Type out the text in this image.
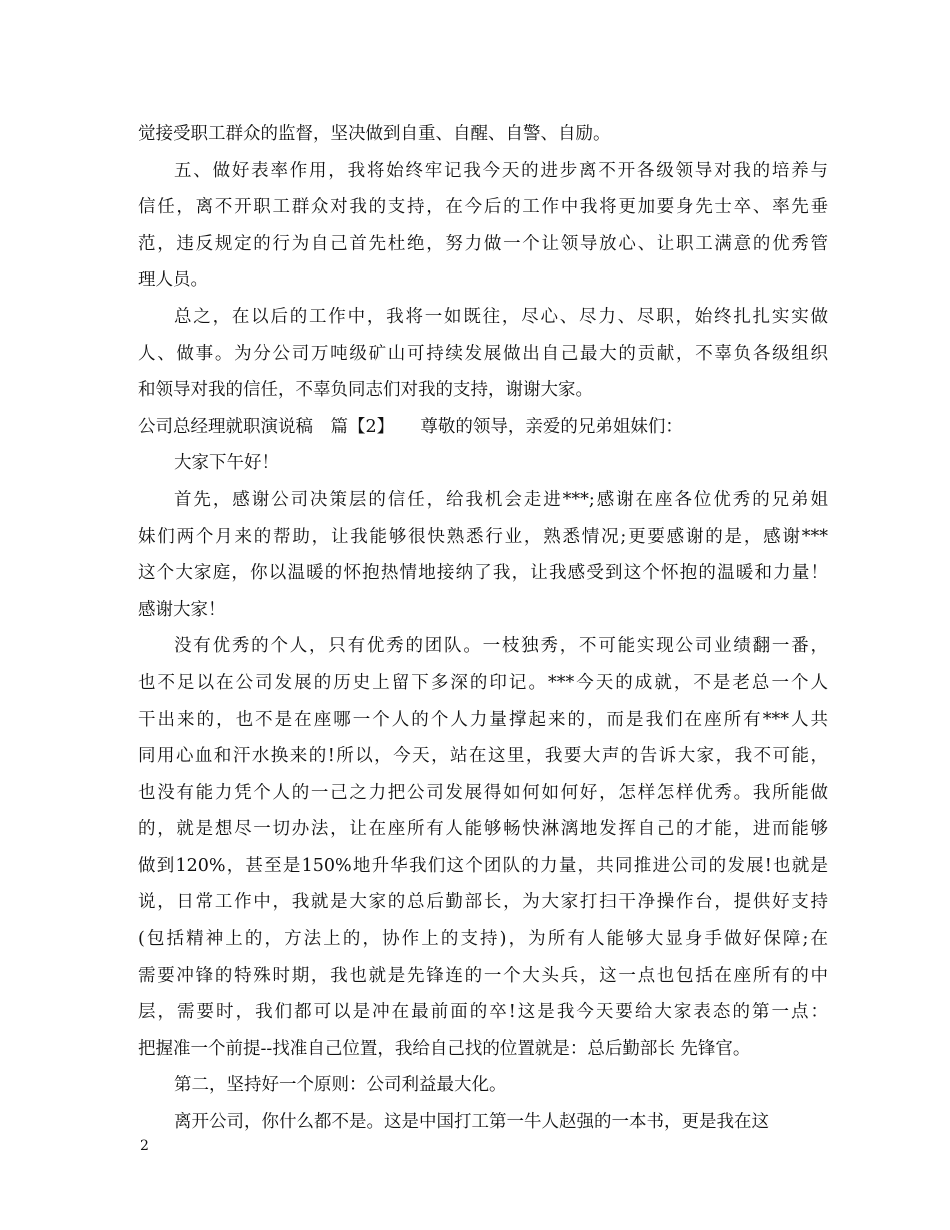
觉接受职工群众的监督，坚决做到自重、自醒、自警、自励。
五、做好表率作用，我将始终牢记我今天的进步离不开各级领导对我的培养与
信任，离不开职工群众对我的支持，在今后的工作中我将更加要身先士卒、率先垂
范，违反规定的行为自己首先杜绝，努力做一个让领导放心、让职工满意的优秀管
理人员。
总之，在以后的工作中，我将一如既往，尽心、尽力、尽职，始终扎扎实实做
人、做事。为分公司万吨级矿山可持续发展做出自己最大的贡献，不辜负各级组织
和领导对我的信任，不辜负同志们对我的支持，谢谢大家。
公司总经理就职演说稿　篇【2】　　尊敬的领导，亲爱的兄弟姐妹们：
大家下午好！
首先，感谢公司决策层的信任，给我机会走进***;感谢在座各位优秀的兄弟姐
妹们两个月来的帮助，让我能够很快熟悉行业，熟悉情况;更要感谢的是，感谢***
这个大家庭，你以温暖的怀抱热情地接纳了我，让我感受到这个怀抱的温暖和力量！
感谢大家！
没有优秀的个人，只有优秀的团队。一枝独秀，不可能实现公司业绩翻一番，
也不足以在公司发展的历史上留下多深的印记。***今天的成就，不是老总一个人
干出来的，也不是在座哪一个人的个人力量撑起来的，而是我们在座所有***人共
同用心血和汗水换来的!所以，今天，站在这里，我要大声的告诉大家，我不可能，
也没有能力凭个人的一己之力把公司发展得如何如何好，怎样怎样优秀。我所能做
的，就是想尽一切办法，让在座所有人能够畅快淋漓地发挥自己的才能，进而能够
做到120%，甚至是150%地升华我们这个团队的力量，共同推进公司的发展!也就是
说，日常工作中，我就是大家的总后勤部长，为大家打扫干净操作台，提供好支持
(包括精神上的，方法上的，协作上的支持)，为所有人能够大显身手做好保障;在
需要冲锋的特殊时期，我也就是先锋连的一个大头兵，这一点也包括在座所有的中
层，需要时，我们都可以是冲在最前面的卒!这是我今天要给大家表态的第一点：
把握准一个前提--找准自己位置，我给自己找的位置就是：总后勤部长 先锋官。
第二，坚持好一个原则：公司利益最大化。
离开公司，你什么都不是。这是中国打工第一牛人赵强的一本书，更是我在这
2
